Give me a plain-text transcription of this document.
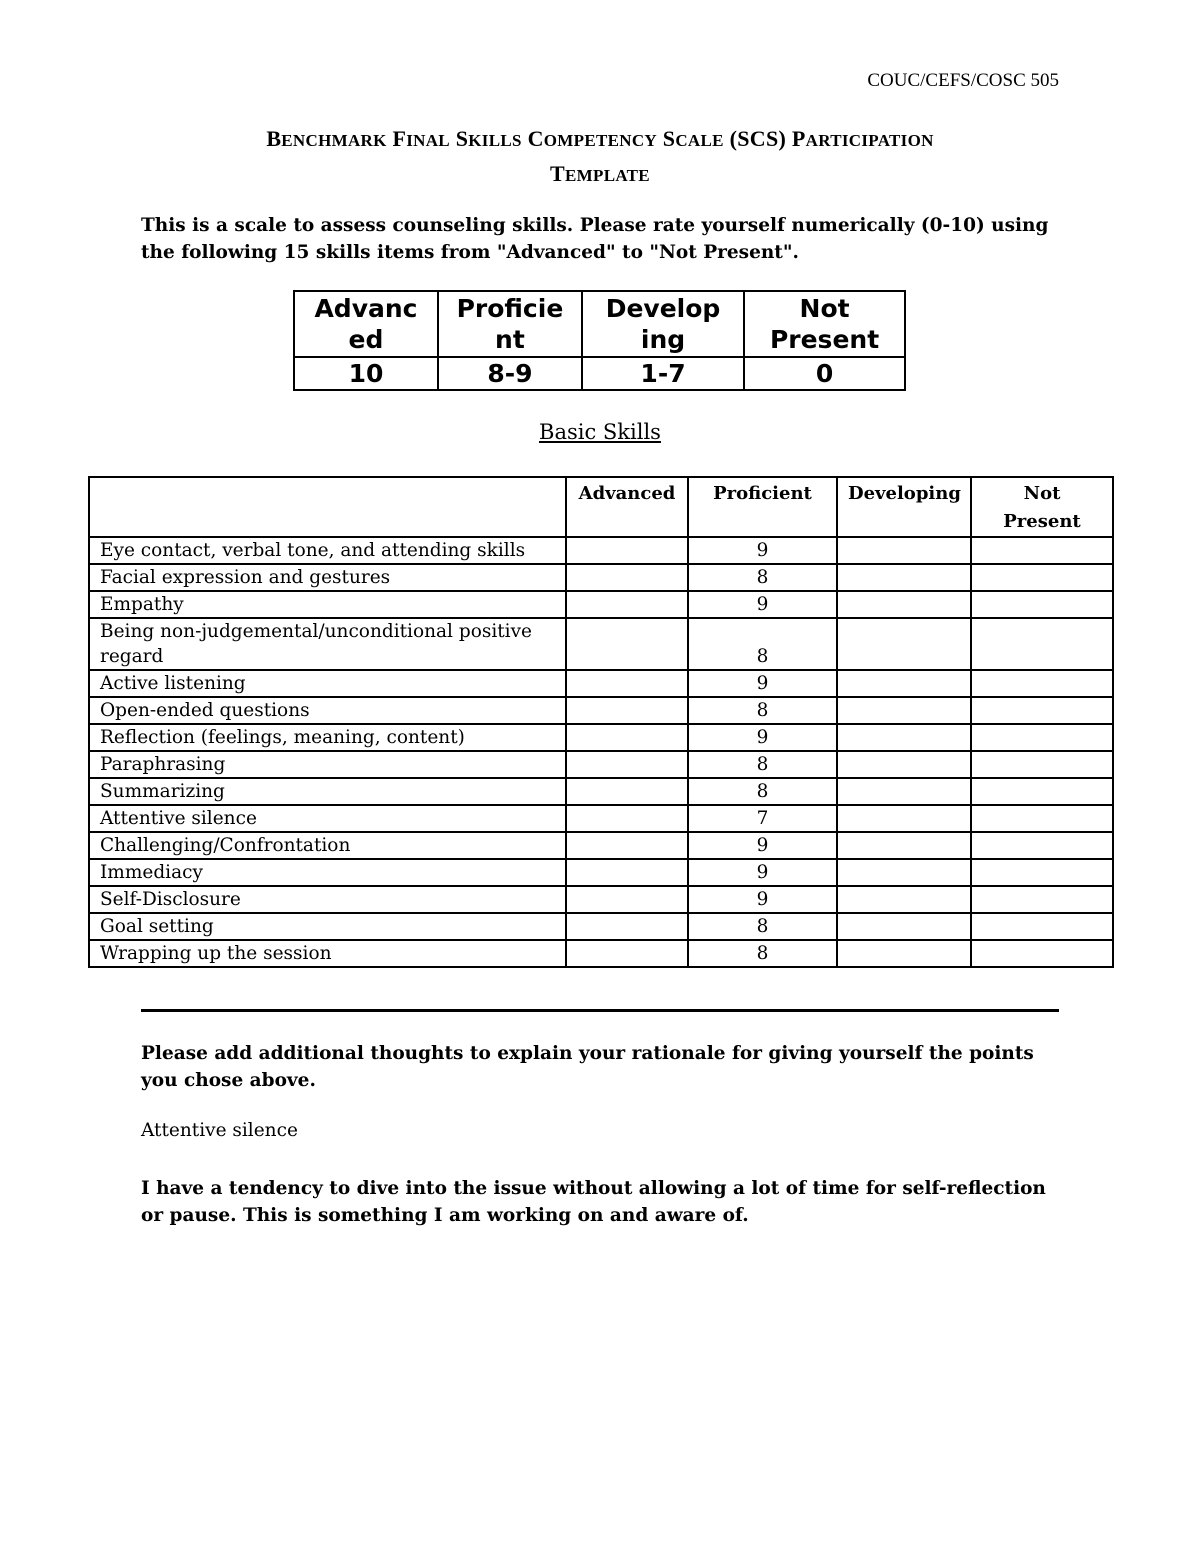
COUC/CEFS/COSC 505
BENCHMARK FINAL SKILLS COMPETENCY SCALE (SCS) PARTICIPATION
TEMPLATE
This is a scale to assess counseling skills. Please rate yourself numerically (0-10) using the following 15 skills items from "Advanced" to "Not Present".
Advanc ed	Proficie nt	Develop ing	Not Present
10	8-9	1-7	0
Basic Skills
	Advanced	Proficient	Developing	Not Present
Eye contact, verbal tone, and attending skills		9		
Facial expression and gestures		8		
Empathy		9		
Being non-judgemental/unconditional positive regard		8		
Active listening		9		
Open-ended questions		8		
Reflection (feelings, meaning, content)		9		
Paraphrasing		8		
Summarizing		8		
Attentive silence		7		
Challenging/Confrontation		9		
Immediacy		9		
Self-Disclosure		9		
Goal setting		8		
Wrapping up the session		8		
Please add additional thoughts to explain your rationale for giving yourself the points you chose above.
Attentive silence
I have a tendency to dive into the issue without allowing a lot of time for self-reflection or pause. This is something I am working on and aware of.
